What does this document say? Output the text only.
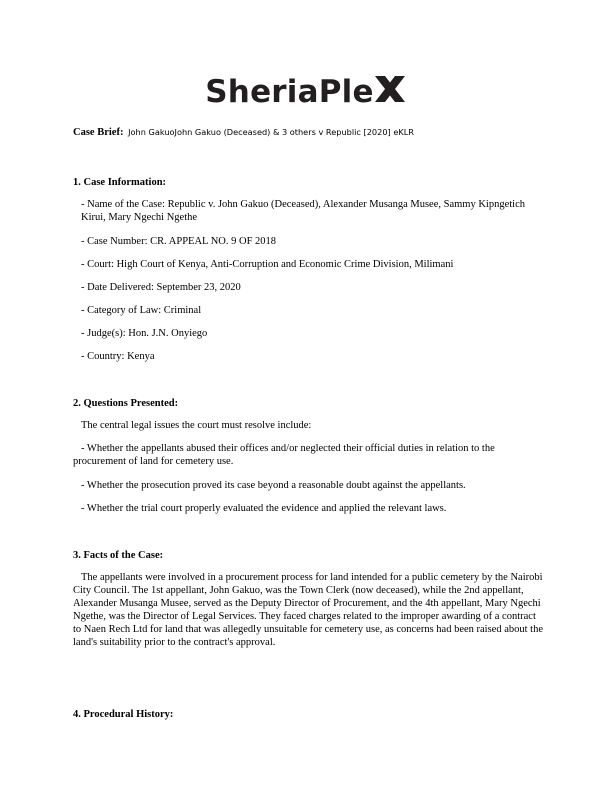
SheriaPle
Case Brief: John GakuoJohn Gakuo (Deceased) & 3 others v Republic [2020] eKLR
1. Case Information:
- Name of the Case: Republic v. John Gakuo (Deceased), Alexander Musanga Musee, Sammy Kipngetich Kirui, Mary Ngechi Ngethe
- Case Number: CR. APPEAL NO. 9 OF 2018
- Court: High Court of Kenya, Anti-Corruption and Economic Crime Division, Milimani
- Date Delivered: September 23, 2020
- Category of Law: Criminal
- Judge(s): Hon. J.N. Onyiego
- Country: Kenya
2. Questions Presented:
The central legal issues the court must resolve include:
- Whether the appellants abused their offices and/or neglected their official duties in relation to the procurement of land for cemetery use.
- Whether the prosecution proved its case beyond a reasonable doubt against the appellants.
- Whether the trial court properly evaluated the evidence and applied the relevant laws.
3. Facts of the Case:
The appellants were involved in a procurement process for land intended for a public cemetery by the Nairobi City Council. The 1st appellant, John Gakuo, was the Town Clerk (now deceased), while the 2nd appellant, Alexander Musanga Musee, served as the Deputy Director of Procurement, and the 4th appellant, Mary Ngechi Ngethe, was the Director of Legal Services. They faced charges related to the improper awarding of a contract to Naen Rech Ltd for land that was allegedly unsuitable for cemetery use, as concerns had been raised about the land's suitability prior to the contract's approval.
4. Procedural History:
